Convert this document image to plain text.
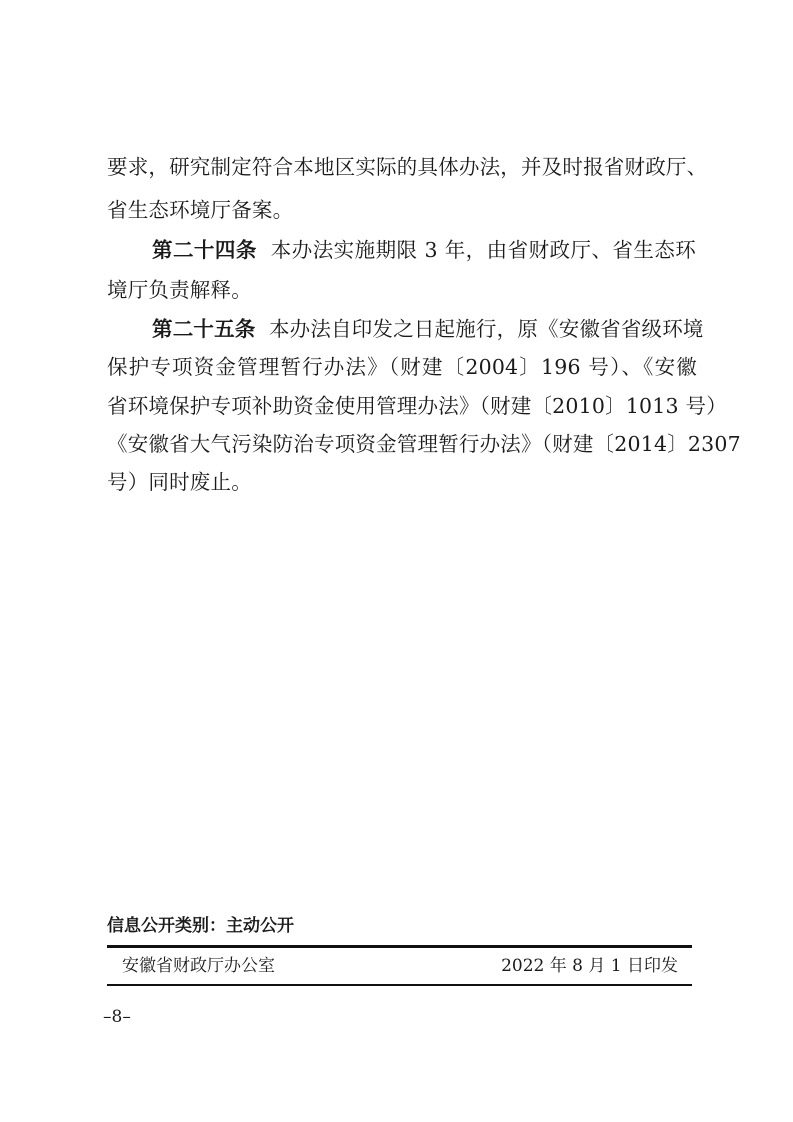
要求，研究制定符合本地区实际的具体办法，并及时报省财政厅、
省生态环境厅备案。
第二十四条 本办法实施期限 3 年，由省财政厅、省生态环
境厅负责解释。
第二十五条 本办法自印发之日起施行，原《安徽省省级环境
保护专项资金管理暂行办法》（财建〔2004〕196 号）、《安徽
省环境保护专项补助资金使用管理办法》（财建〔2010〕1013 号）
《安徽省大气污染防治专项资金管理暂行办法》（财建〔2014〕2307
号）同时废止。
信息公开类别：主动公开
安徽省财政厅办公室	2022 年 8 月 1 日印发
–8–
